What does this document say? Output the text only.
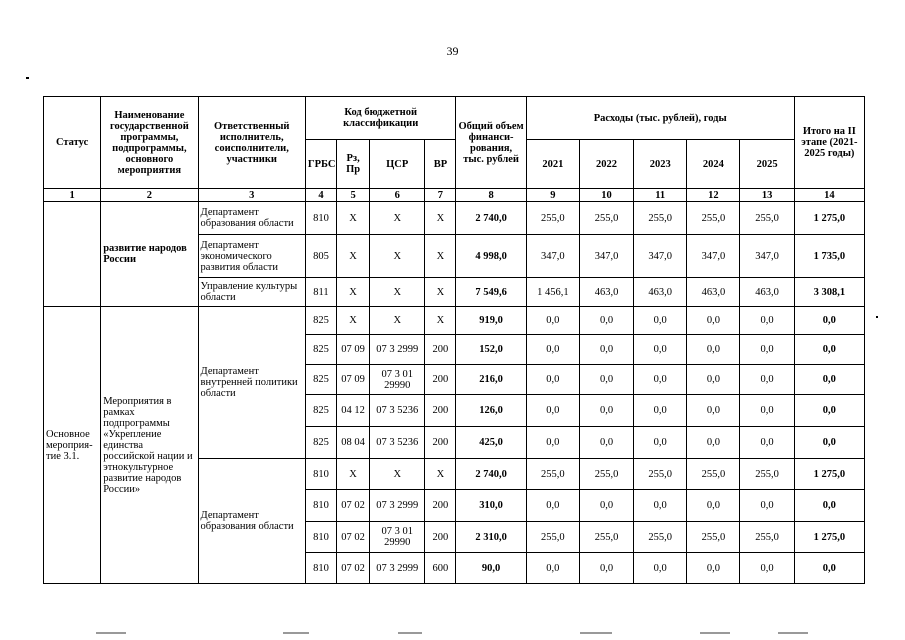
39
Статус	Наименование государственной программы, подпрограммы, основного мероприятия	Ответственный исполнитель, соисполнители, участники	Код бюджетной классификации				Общий объем финанси-рования, тыс. рублей	Расходы (тыс. рублей), годы					Итого на II этапе (2021-2025 годы)
			ГРБС	Рз, Пр	ЦСР	ВР		2021	2022	2023	2024	2025	
1	2	3	4	5	6	7	8	9	10	11	12	13	14
	развитие народов России	Департамент образования области	810	X	X	X	2 740,0	255,0	255,0	255,0	255,0	255,0	1 275,0
		Департамент экономического развития области	805	X	X	X	4 998,0	347,0	347,0	347,0	347,0	347,0	1 735,0
		Управление культуры области	811	X	X	X	7 549,6	1 456,1	463,0	463,0	463,0	463,0	3 308,1
Основное мероприя-тие 3.1.	Мероприятия в рамках подпрограммы «Укрепление единства российской нации и этнокультурное развитие народов России»	Департамент внутренней политики области	825	X	X	X	919,0	0,0	0,0	0,0	0,0	0,0	0,0
			825	07 09	07 3 2999	200	152,0	0,0	0,0	0,0	0,0	0,0	0,0
			825	07 09	07 3 01 29990	200	216,0	0,0	0,0	0,0	0,0	0,0	0,0
			825	04 12	07 3 5236	200	126,0	0,0	0,0	0,0	0,0	0,0	0,0
			825	08 04	07 3 5236	200	425,0	0,0	0,0	0,0	0,0	0,0	0,0
		Департамент образования области	810	X	X	X	2 740,0	255,0	255,0	255,0	255,0	255,0	1 275,0
			810	07 02	07 3 2999	200	310,0	0,0	0,0	0,0	0,0	0,0	0,0
			810	07 02	07 3 01 29990	200	2 310,0	255,0	255,0	255,0	255,0	255,0	1 275,0
			810	07 02	07 3 2999	600	90,0	0,0	0,0	0,0	0,0	0,0	0,0
